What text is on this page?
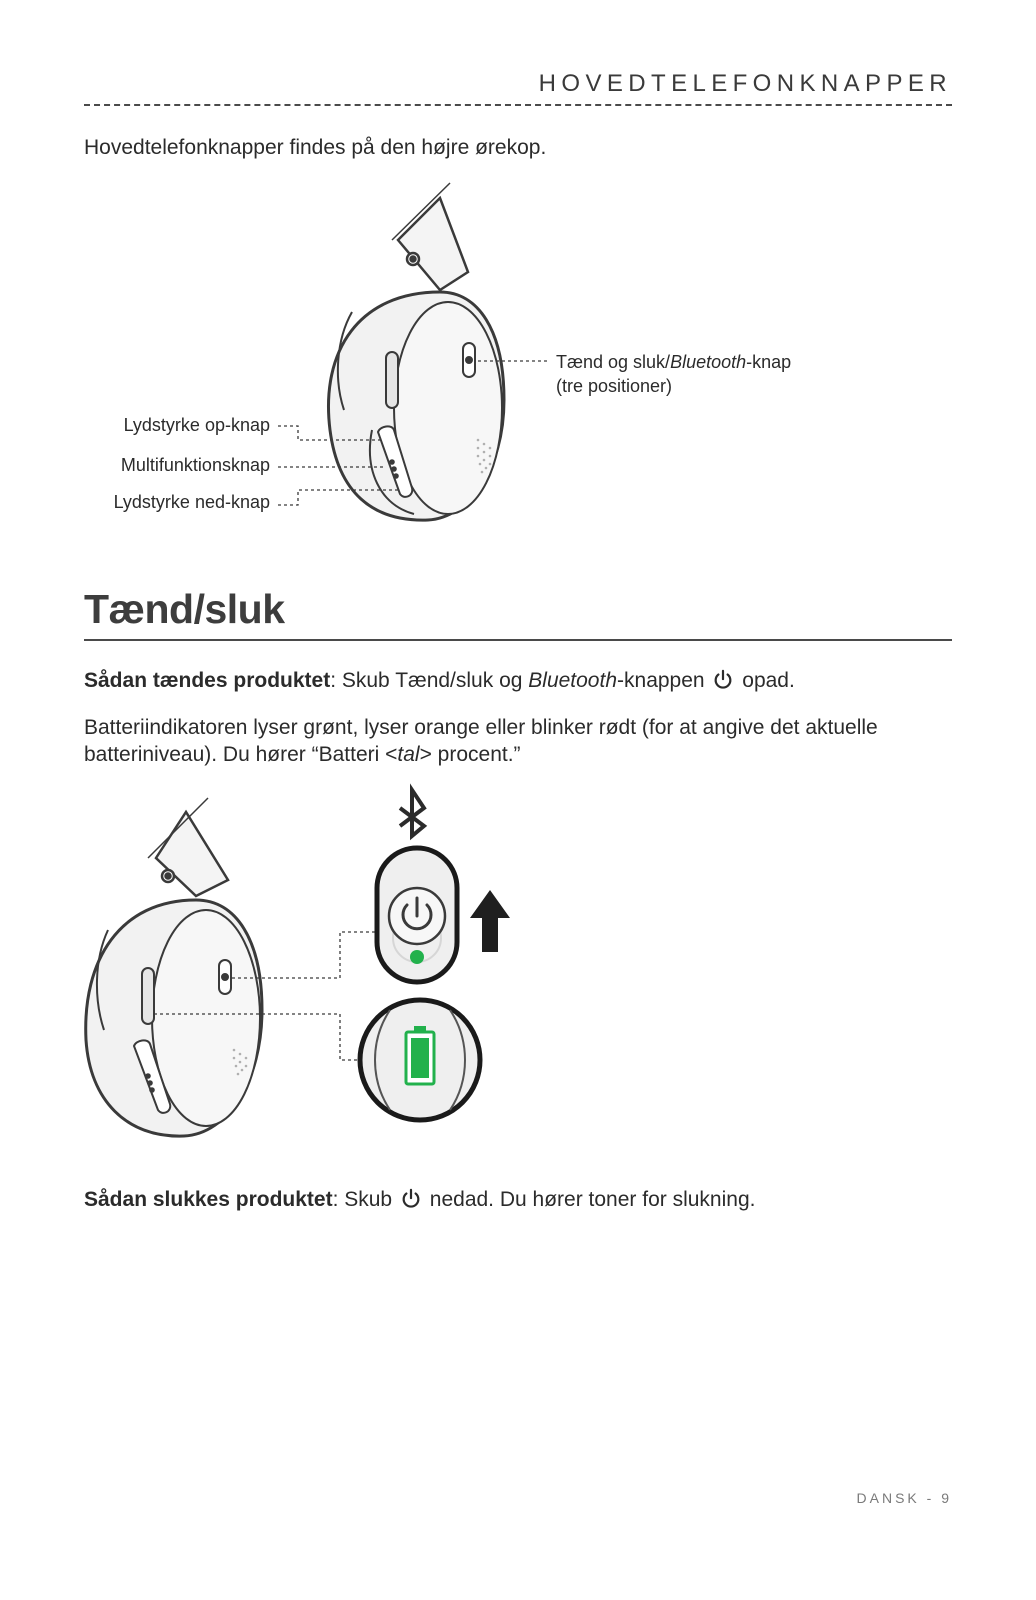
HOVEDTELEFONKNAPPER
Hovedtelefonknapper findes på den højre ørekop.
Tænd og sluk/Bluetooth-knap
(tre positioner)
Lydstyrke op-knap
Multifunktionsknap
Lydstyrke ned-knap
Tænd/sluk
Sådan tændes produktet: Skub Tænd/sluk og Bluetooth-knappen  opad.
Batteriindikatoren lyser grønt, lyser orange eller blinker rødt (for at angive det aktuelle batteriniveau). Du hører “Batteri <tal> procent.”
Sådan slukkes produktet: Skub  nedad. Du hører toner for slukning.
DANSK - 9
